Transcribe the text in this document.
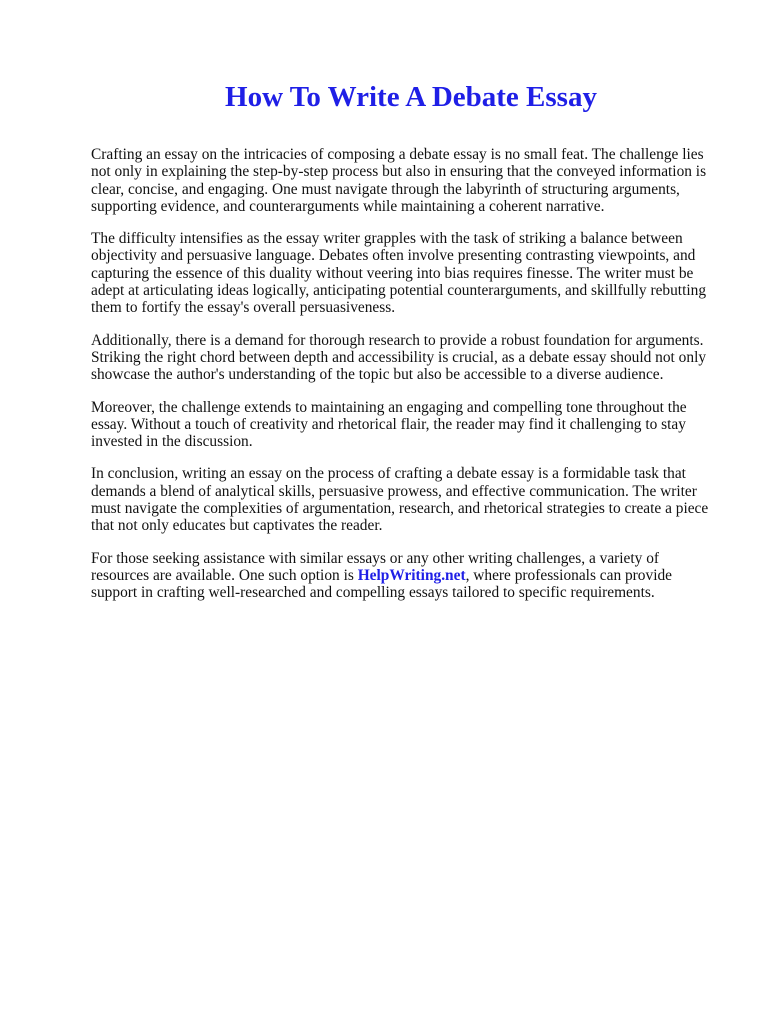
How To Write A Debate Essay

Crafting an essay on the intricacies of composing a debate essay is no small feat. The challenge lies not only in explaining the step-by-step process but also in ensuring that the conveyed information is clear, concise, and engaging. One must navigate through the labyrinth of structuring arguments, supporting evidence, and counterarguments while maintaining a coherent narrative.

The difficulty intensifies as the essay writer grapples with the task of striking a balance between objectivity and persuasive language. Debates often involve presenting contrasting viewpoints, and capturing the essence of this duality without veering into bias requires finesse. The writer must be adept at articulating ideas logically, anticipating potential counterarguments, and skillfully rebutting them to fortify the essay's overall persuasiveness.

Additionally, there is a demand for thorough research to provide a robust foundation for arguments. Striking the right chord between depth and accessibility is crucial, as a debate essay should not only showcase the author's understanding of the topic but also be accessible to a diverse audience.

Moreover, the challenge extends to maintaining an engaging and compelling tone throughout the essay. Without a touch of creativity and rhetorical flair, the reader may find it challenging to stay invested in the discussion.

In conclusion, writing an essay on the process of crafting a debate essay is a formidable task that demands a blend of analytical skills, persuasive prowess, and effective communication. The writer must navigate the complexities of argumentation, research, and rhetorical strategies to create a piece that not only educates but captivates the reader.

For those seeking assistance with similar essays or any other writing challenges, a variety of resources are available. One such option is HelpWriting.net, where professionals can provide support in crafting well-researched and compelling essays tailored to specific requirements.
